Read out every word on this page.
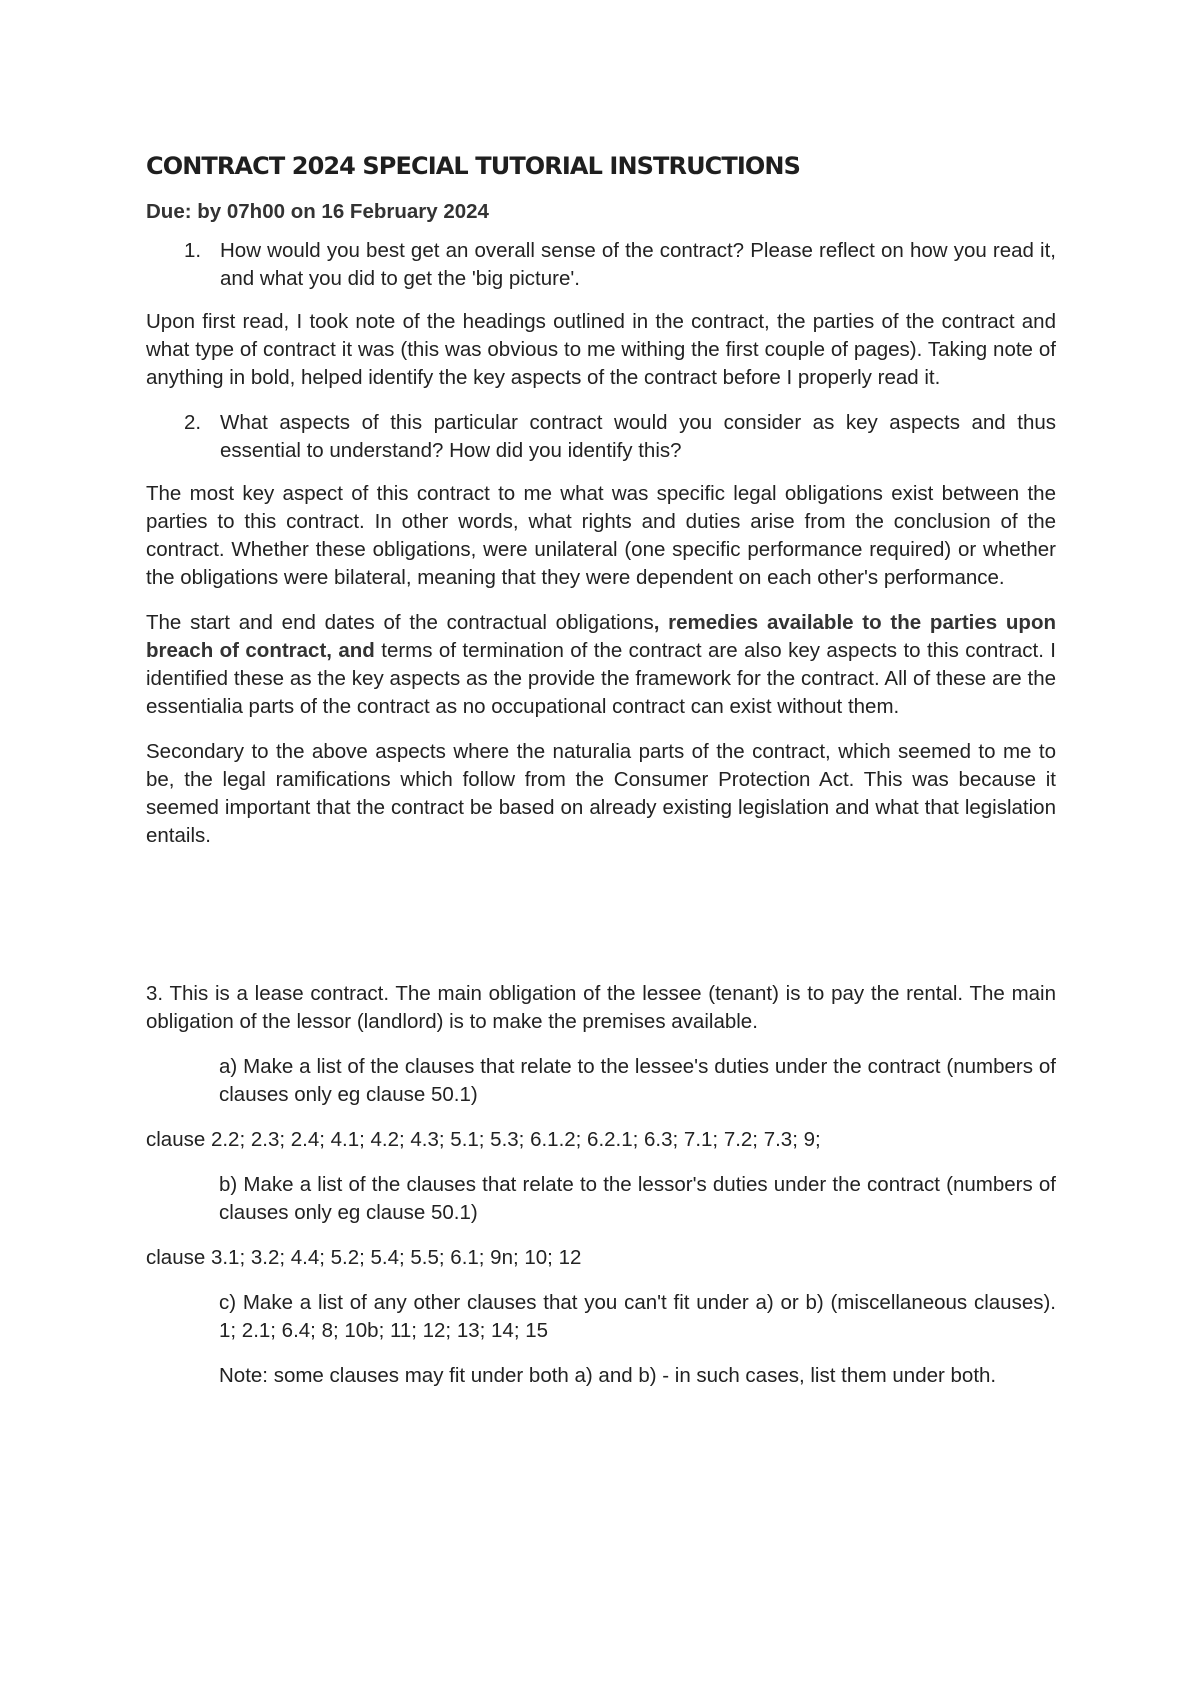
CONTRACT 2024 SPECIAL TUTORIAL INSTRUCTIONS
Due: by 07h00 on 16 February 2024
1. How would you best get an overall sense of the contract? Please reflect on how you read it, and what you did to get the 'big picture'.

Upon first read, I took note of the headings outlined in the contract, the parties of the contract and what type of contract it was (this was obvious to me withing the first couple of pages). Taking note of anything in bold, helped identify the key aspects of the contract before I properly read it.

2. What aspects of this particular contract would you consider as key aspects and thus essential to understand? How did you identify this?

The most key aspect of this contract to me what was specific legal obligations exist between the parties to this contract. In other words, what rights and duties arise from the conclusion of the contract. Whether these obligations, were unilateral (one specific performance required) or whether the obligations were bilateral, meaning that they were dependent on each other's performance.

The start and end dates of the contractual obligations, remedies available to the parties upon breach of contract, and terms of termination of the contract are also key aspects to this contract. I identified these as the key aspects as the provide the framework for the contract. All of these are the essentialia parts of the contract as no occupational contract can exist without them.

Secondary to the above aspects where the naturalia parts of the contract, which seemed to me to be, the legal ramifications which follow from the Consumer Protection Act. This was because it seemed important that the contract be based on already existing legislation and what that legislation entails.

3. This is a lease contract. The main obligation of the lessee (tenant) is to pay the rental. The main obligation of the lessor (landlord) is to make the premises available.

a) Make a list of the clauses that relate to the lessee's duties under the contract (numbers of clauses only eg clause 50.1)

clause 2.2; 2.3; 2.4; 4.1; 4.2; 4.3; 5.1; 5.3; 6.1.2; 6.2.1; 6.3; 7.1; 7.2; 7.3; 9;

b) Make a list of the clauses that relate to the lessor's duties under the contract (numbers of clauses only eg clause 50.1)

clause 3.1; 3.2; 4.4; 5.2; 5.4; 5.5; 6.1; 9n; 10; 12

c) Make a list of any other clauses that you can't fit under a) or b) (miscellaneous clauses). 1; 2.1; 6.4; 8; 10b; 11; 12; 13; 14; 15

Note: some clauses may fit under both a) and b) - in such cases, list them under both.
